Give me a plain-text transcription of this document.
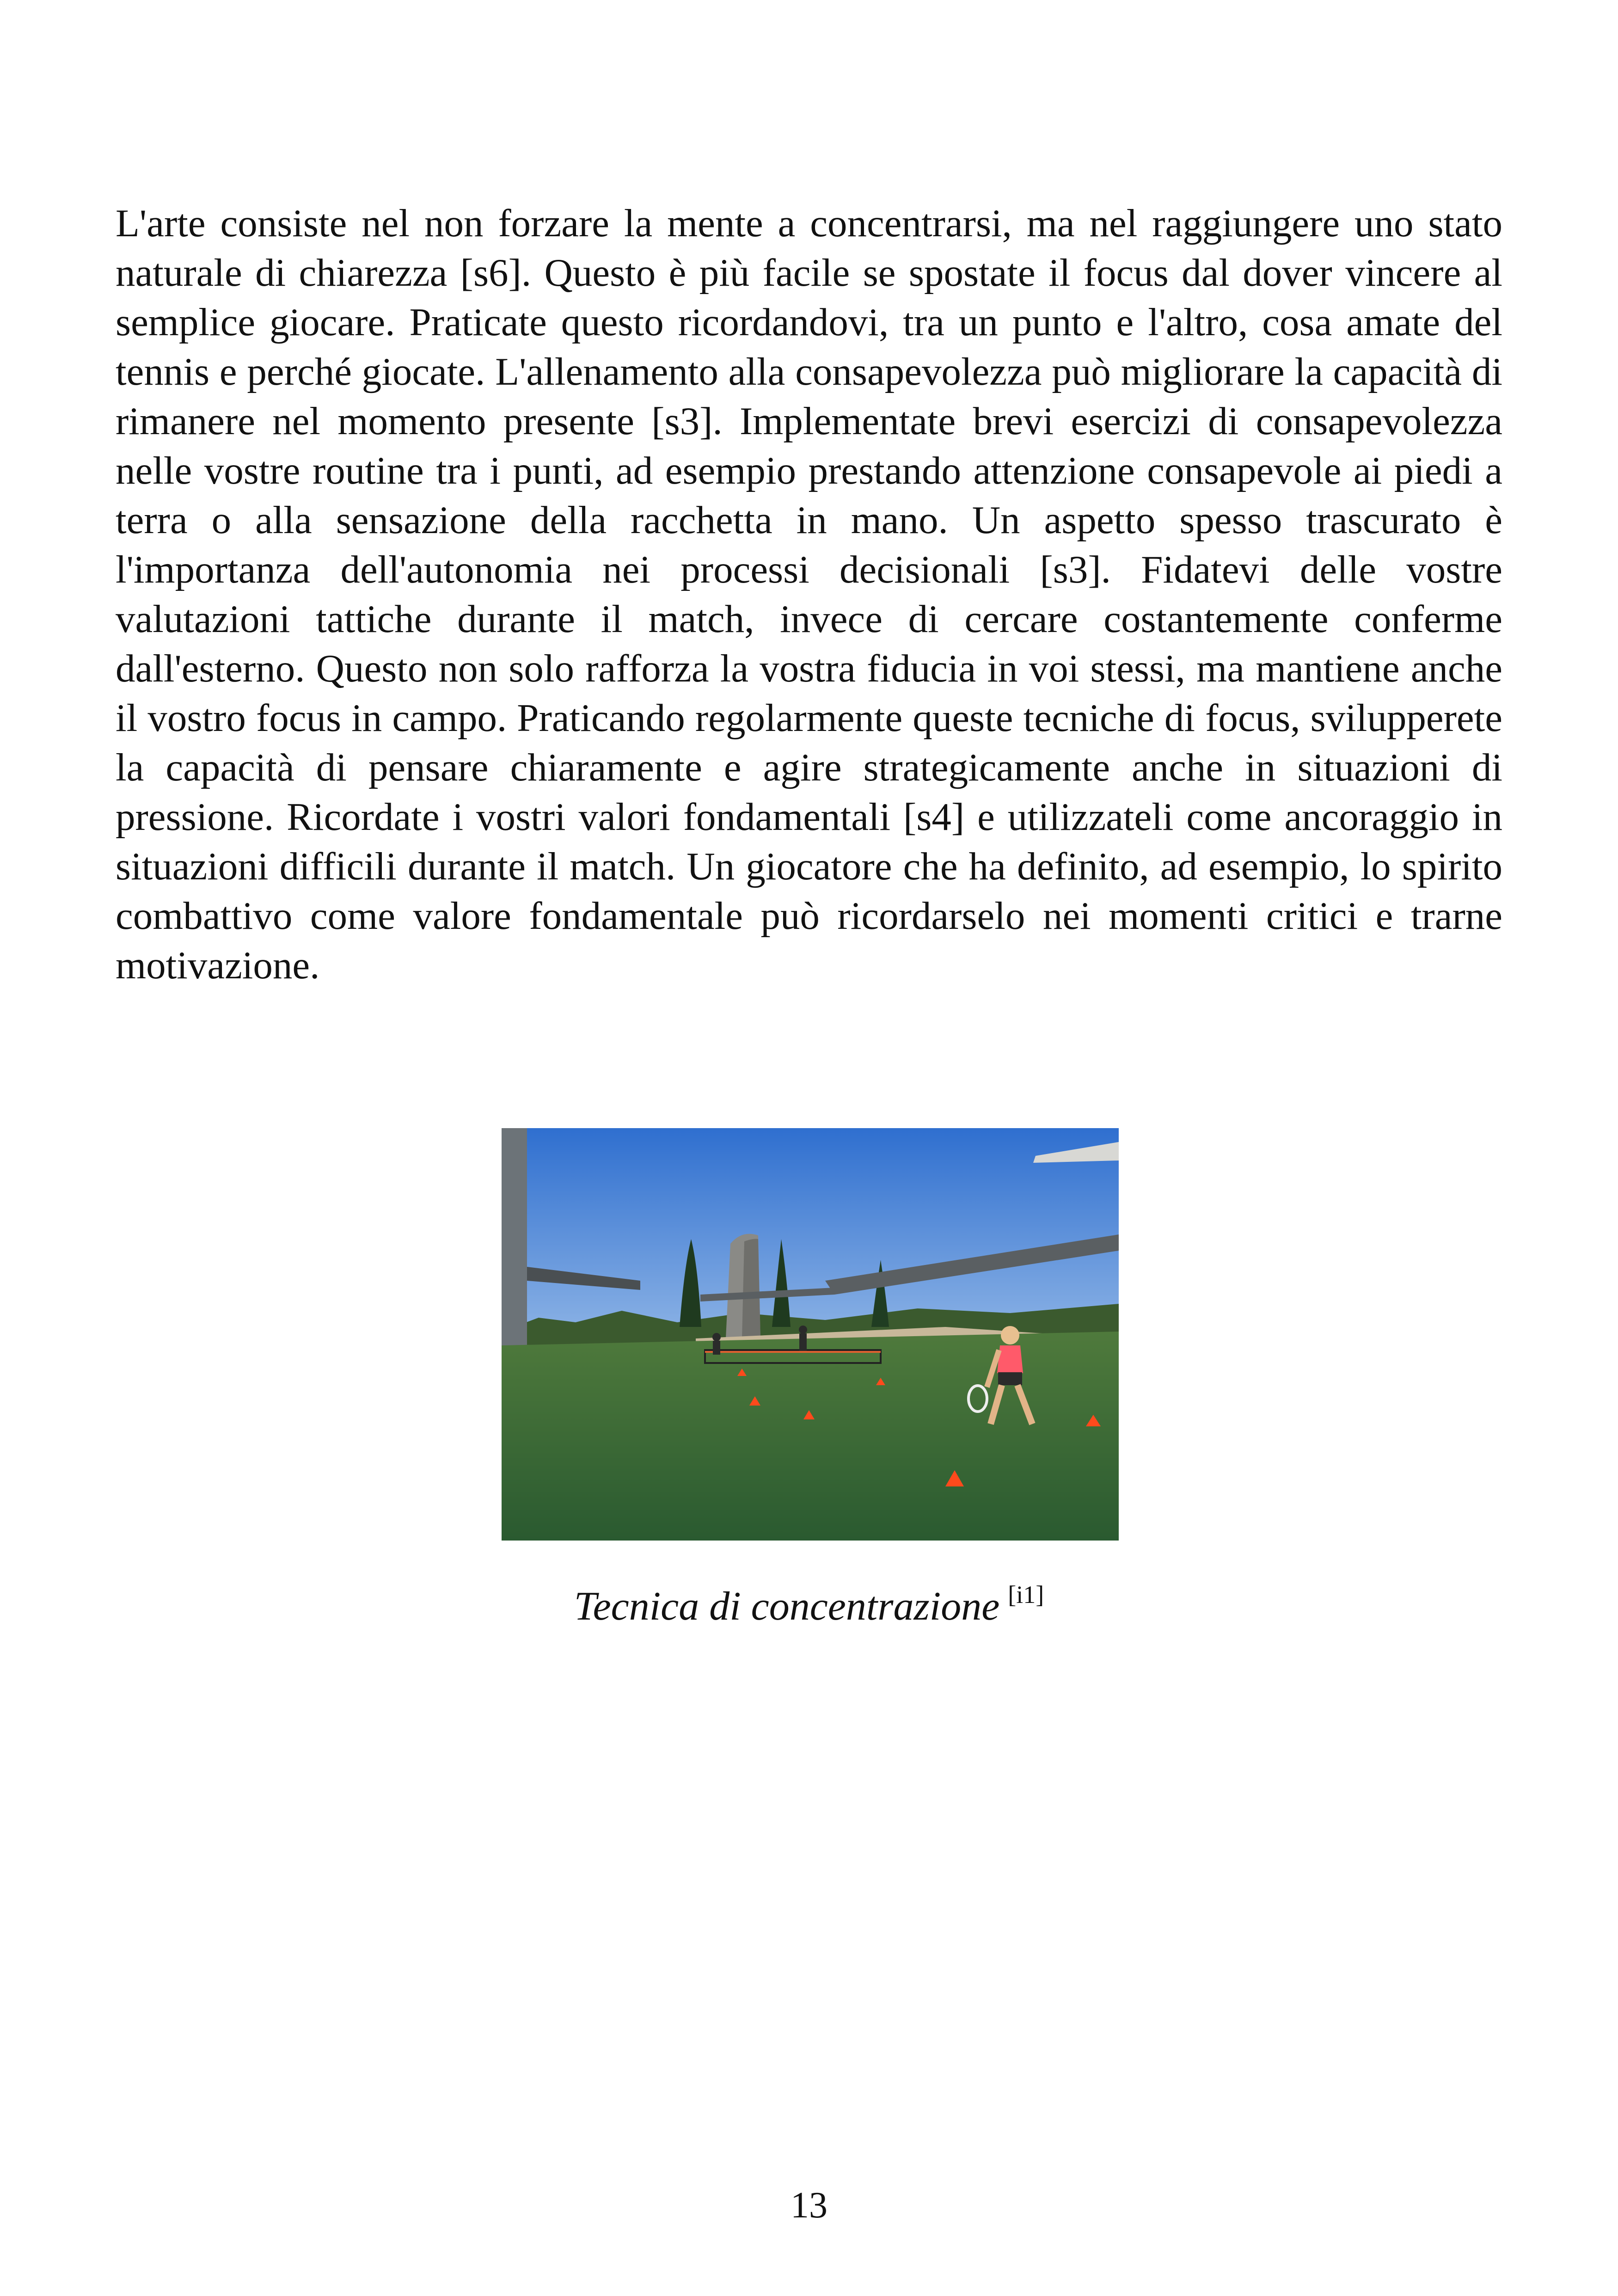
L'arte consiste nel non forzare la mente a concentrarsi, ma nel raggiungere uno stato naturale di chiarezza [s6]. Questo è più facile se spostate il focus dal dover vincere al semplice giocare. Praticate questo ricordandovi, tra un punto e l'altro, cosa amate del tennis e perché giocate. L'allenamento alla consapevolezza può migliorare la capacità di rimanere nel momento presente [s3]. Implementate brevi esercizi di consapevolezza nelle vostre routine tra i punti, ad esempio prestando attenzione consapevole ai piedi a terra o alla sensazione della racchetta in mano. Un aspetto spesso trascurato è l'importanza dell'autonomia nei processi decisionali [s3]. Fidatevi delle vostre valutazioni tattiche durante il match, invece di cercare costantemente conferme dall'esterno. Questo non solo rafforza la vostra fiducia in voi stessi, ma mantiene anche il vostro focus in campo. Praticando regolarmente queste tecniche di focus, svilupperete la capacità di pensare chiaramente e agire strategicamente anche in situazioni di pressione. Ricordate i vostri valori fondamentali [s4] e utilizzateli come ancoraggio in situazioni difficili durante il match. Un giocatore che ha definito, ad esempio, lo spirito combattivo come valore fondamentale può ricordarselo nei momenti critici e trarne motivazione.

Tecnica di concentrazione [i1]
13
